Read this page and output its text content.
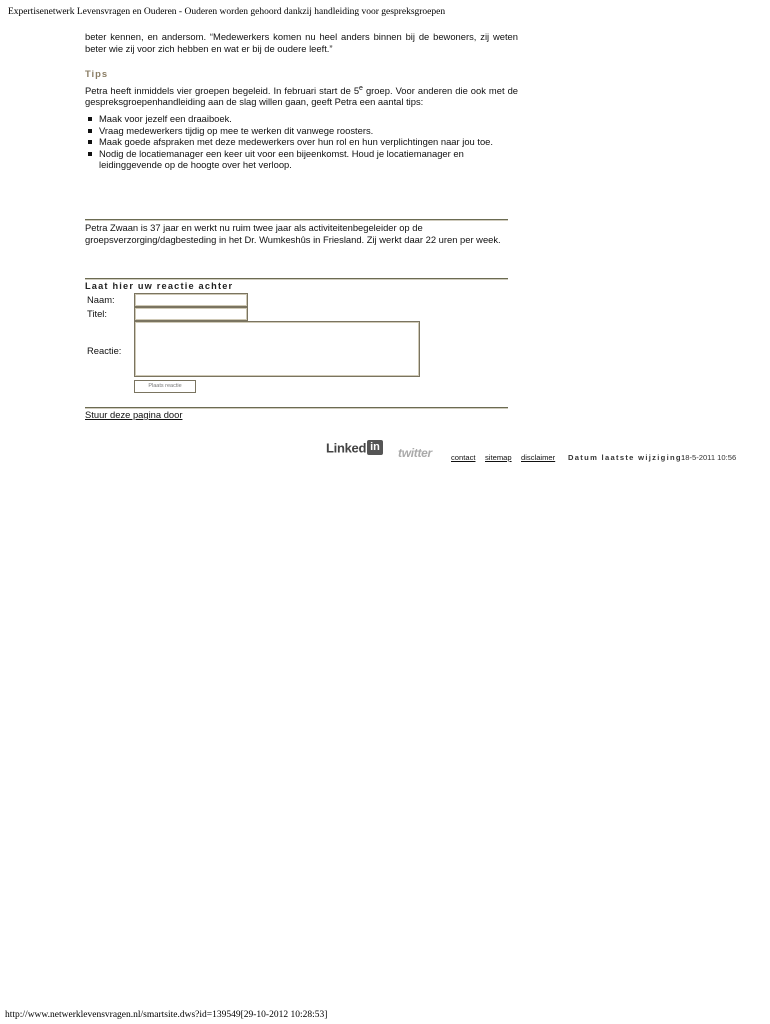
Expertisenetwerk Levensvragen en Ouderen - Ouderen worden gehoord dankzij handleiding voor gespreksgroepen

beter kennen, en andersom. “Medewerkers komen nu heel anders binnen bij de bewoners, zij weten beter wie zij voor zich hebben en wat er bij de oudere leeft.”

Tips

Petra heeft inmiddels vier groepen begeleid. In februari start de 5e groep. Voor anderen die ook met de gespreksgroepenhandleiding aan de slag willen gaan, geeft Petra een aantal tips:

Maak voor jezelf een draaiboek.
Vraag medewerkers tijdig op mee te werken dit vanwege roosters.
Maak goede afspraken met deze medewerkers over hun rol en hun verplichtingen naar jou toe.
Nodig de locatiemanager een keer uit voor een bijeenkomst. Houd je locatiemanager en leidinggevende op de hoogte over het verloop.
Petra Zwaan is 37 jaar en werkt nu ruim twee jaar als activiteitenbegeleider op de groepsverzorging/dagbesteding in het Dr. Wumkeshûs in Friesland. Zij werkt daar 22 uren per week.
Laat hier uw reactie achter
Naam:
Titel:
Reactie:
Plaats reactie
Stuur deze pagina door
Linked in twitter	contact sitemap disclaimer Datum laatste wijziging:
18-5-2011 10:56
http://www.netwerklevensvragen.nl/smartsite.dws?id=139549[29-10-2012 10:28:53]
